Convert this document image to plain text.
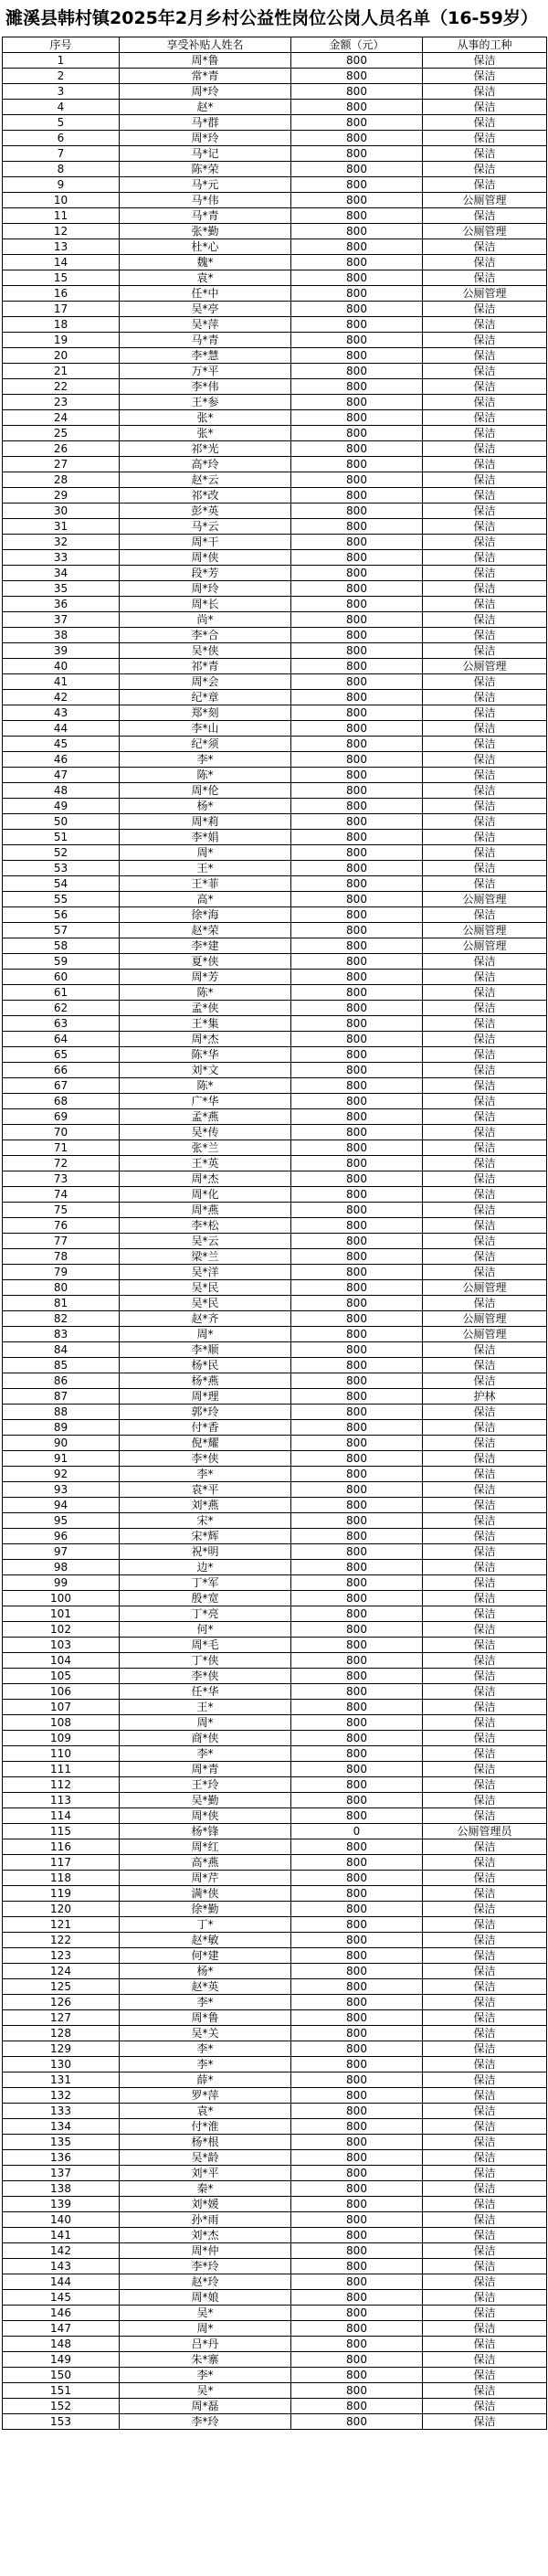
濉溪县韩村镇2025年2月乡村公益性岗位公岗人员名单（16-59岁）
序号	享受补贴人姓名	金额（元）	从事的工种
1	周*鲁	800	保洁
2	常*青	800	保洁
3	周*玲	800	保洁
4	赵*	800	保洁
5	马*群	800	保洁
6	周*玲	800	保洁
7	马*记	800	保洁
8	陈*荣	800	保洁
9	马*元	800	保洁
10	马*伟	800	公厕管理
11	马*青	800	保洁
12	张*勤	800	公厕管理
13	杜*心	800	保洁
14	魏*	800	保洁
15	袁*	800	保洁
16	任*中	800	公厕管理
17	吴*亭	800	保洁
18	吴*萍	800	保洁
19	马*青	800	保洁
20	李*慧	800	保洁
21	万*平	800	保洁
22	李*伟	800	保洁
23	王*参	800	保洁
24	张*	800	保洁
25	张*	800	保洁
26	祁*光	800	保洁
27	高*玲	800	保洁
28	赵*云	800	保洁
29	祁*改	800	保洁
30	彭*英	800	保洁
31	马*云	800	保洁
32	周*干	800	保洁
33	周*侠	800	保洁
34	段*芳	800	保洁
35	周*玲	800	保洁
36	周*长	800	保洁
37	尚*	800	保洁
38	李*合	800	保洁
39	吴*侠	800	保洁
40	祁*青	800	公厕管理
41	周*会	800	保洁
42	纪*章	800	保洁
43	郑*刻	800	保洁
44	李*山	800	保洁
45	纪*须	800	保洁
46	李*	800	保洁
47	陈*	800	保洁
48	周*伦	800	保洁
49	杨*	800	保洁
50	周*莉	800	保洁
51	李*娟	800	保洁
52	周*	800	保洁
53	王*	800	保洁
54	王*菲	800	保洁
55	高*	800	公厕管理
56	徐*海	800	保洁
57	赵*荣	800	公厕管理
58	李*建	800	公厕管理
59	夏*侠	800	保洁
60	周*芳	800	保洁
61	陈*	800	保洁
62	孟*侠	800	保洁
63	王*集	800	保洁
64	周*杰	800	保洁
65	陈*华	800	保洁
66	刘*文	800	保洁
67	陈*	800	保洁
68	广*华	800	保洁
69	孟*燕	800	保洁
70	吴*传	800	保洁
71	张*兰	800	保洁
72	王*英	800	保洁
73	周*杰	800	保洁
74	周*化	800	保洁
75	周*燕	800	保洁
76	李*松	800	保洁
77	吴*云	800	保洁
78	梁*兰	800	保洁
79	吴*洋	800	保洁
80	吴*民	800	公厕管理
81	吴*民	800	保洁
82	赵*齐	800	公厕管理
83	周*	800	公厕管理
84	李*顺	800	保洁
85	杨*民	800	保洁
86	杨*燕	800	保洁
87	周*理	800	护林
88	郭*玲	800	保洁
89	付*香	800	保洁
90	倪*耀	800	保洁
91	李*侠	800	保洁
92	李*	800	保洁
93	袁*平	800	保洁
94	刘*燕	800	保洁
95	宋*	800	保洁
96	宋*辉	800	保洁
97	祝*明	800	保洁
98	边*	800	保洁
99	丁*军	800	保洁
100	殷*宽	800	保洁
101	丁*亮	800	保洁
102	何*	800	保洁
103	周*毛	800	保洁
104	丁*侠	800	保洁
105	李*侠	800	保洁
106	任*华	800	保洁
107	王*	800	保洁
108	周*	800	保洁
109	商*侠	800	保洁
110	李*	800	保洁
111	周*青	800	保洁
112	王*玲	800	保洁
113	吴*勤	800	保洁
114	周*侠	800	保洁
115	杨*锋	0	公厕管理员
116	周*红	800	保洁
117	高*燕	800	保洁
118	周*芹	800	保洁
119	满*侠	800	保洁
120	徐*勤	800	保洁
121	丁*	800	保洁
122	赵*敏	800	保洁
123	何*建	800	保洁
124	杨*	800	保洁
125	赵*英	800	保洁
126	李*	800	保洁
127	周*鲁	800	保洁
128	吴*关	800	保洁
129	李*	800	保洁
130	李*	800	保洁
131	薛*	800	保洁
132	罗*萍	800	保洁
133	袁*	800	保洁
134	付*淮	800	保洁
135	杨*根	800	保洁
136	吴*龄	800	保洁
137	刘*平	800	保洁
138	秦*	800	保洁
139	刘*媛	800	保洁
140	孙*雨	800	保洁
141	刘*杰	800	保洁
142	周*仲	800	保洁
143	李*玲	800	保洁
144	赵*玲	800	保洁
145	周*娘	800	保洁
146	吴*	800	保洁
147	周*	800	保洁
148	吕*丹	800	保洁
149	朱*寨	800	保洁
150	李*	800	保洁
151	吴*	800	保洁
152	周*磊	800	保洁
153	李*玲	800	保洁
